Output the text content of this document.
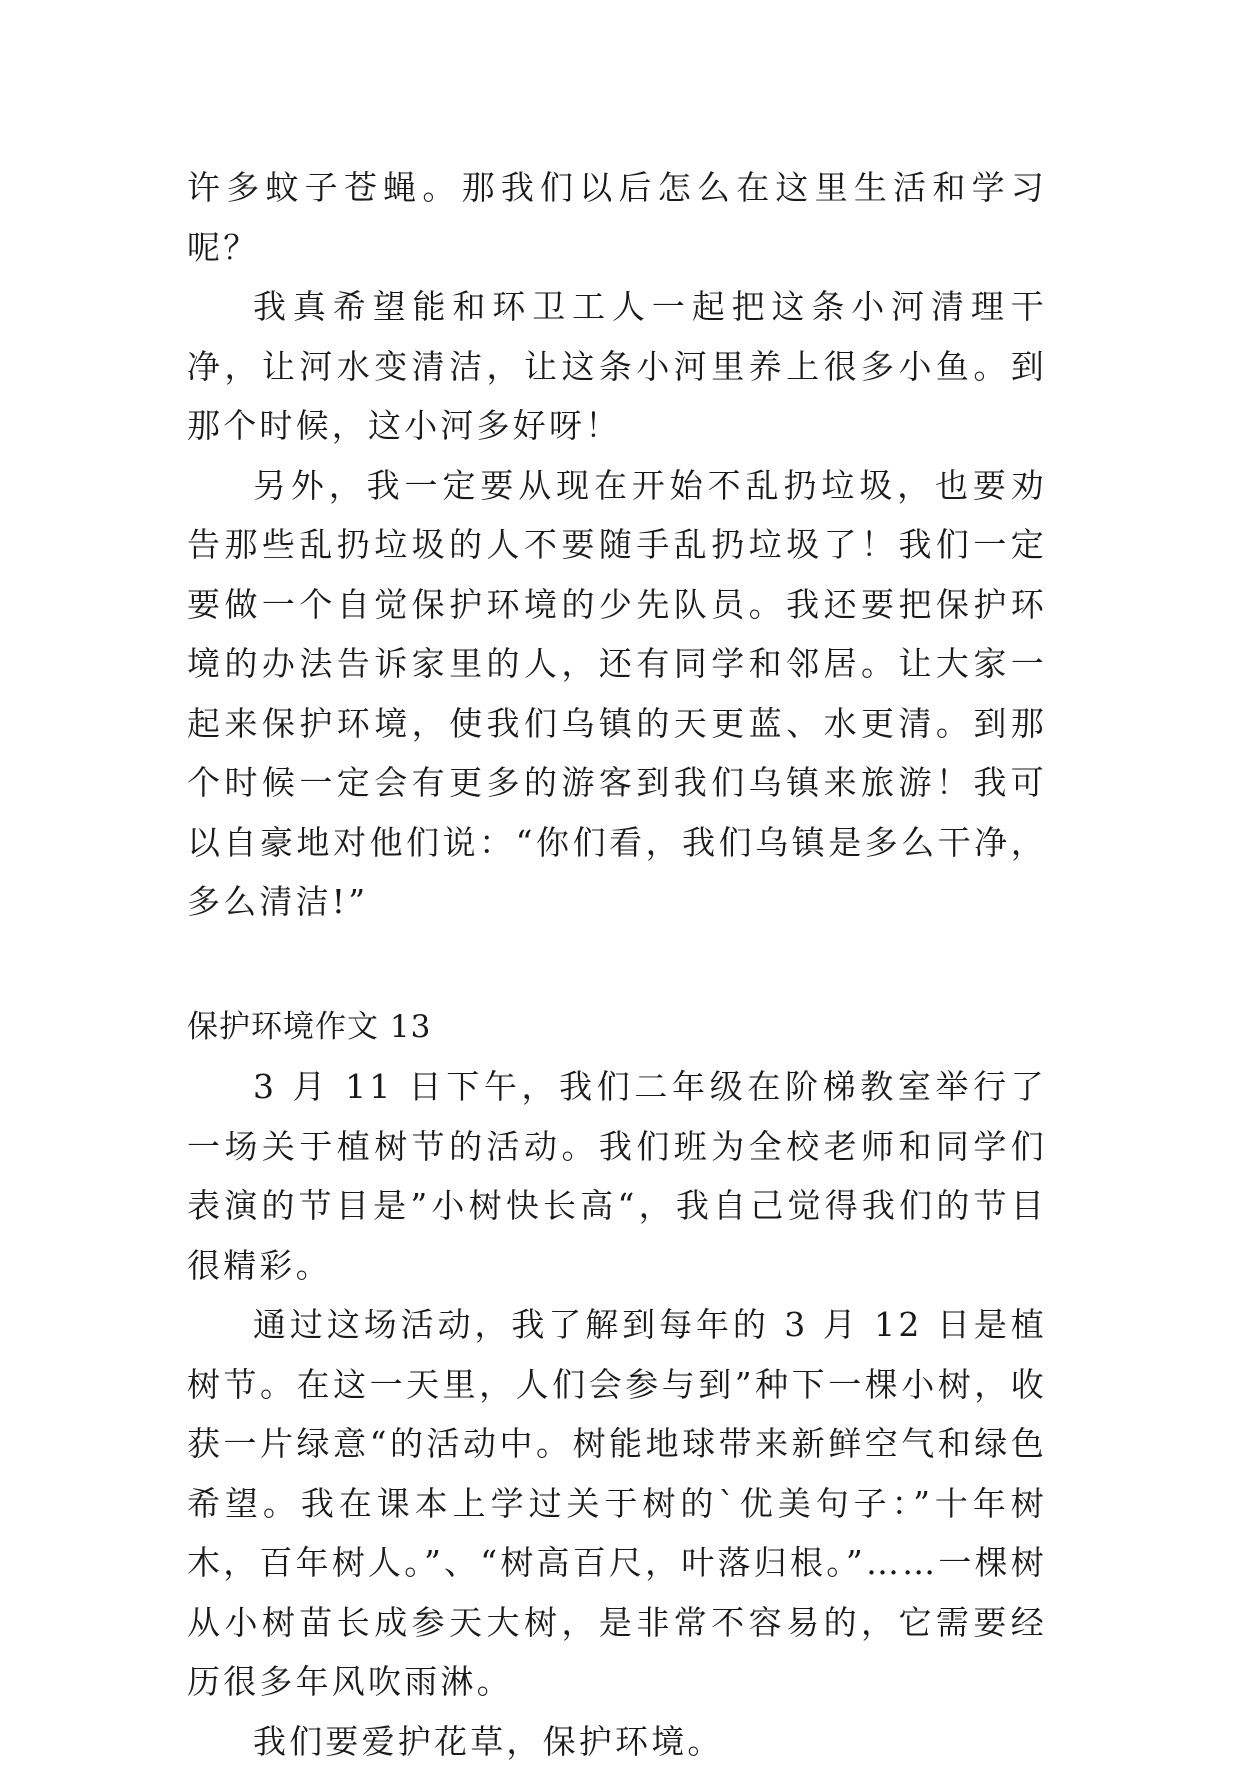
许多蚊子苍蝇。那我们以后怎么在这里生活和学习呢？

我真希望能和环卫工人一起把这条小河清理干净，让河水变清洁，让这条小河里养上很多小鱼。到那个时候，这小河多好呀！

另外，我一定要从现在开始不乱扔垃圾，也要劝告那些乱扔垃圾的人不要随手乱扔垃圾了！我们一定要做一个自觉保护环境的少先队员。我还要把保护环境的办法告诉家里的人，还有同学和邻居。让大家一起来保护环境，使我们乌镇的天更蓝、水更清。到那个时候一定会有更多的游客到我们乌镇来旅游！我可以自豪地对他们说：“你们看，我们乌镇是多么干净，多么清洁!”

保护环境作文 13

3 月 11 日下午，我们二年级在阶梯教室举行了一场关于植树节的活动。我们班为全校老师和同学们表演的节目是”小树快长高“，我自己觉得我们的节目很精彩。

通过这场活动，我了解到每年的 3 月 12 日是植树节。在这一天里，人们会参与到”种下一棵小树，收获一片绿意“的活动中。树能地球带来新鲜空气和绿色希望。我在课本上学过关于树的`优美句子：”十年树木，百年树人。”、“树高百尺，叶落归根。”……一棵树从小树苗长成参天大树，是非常不容易的，它需要经历很多年风吹雨淋。

我们要爱护花草，保护环境。
